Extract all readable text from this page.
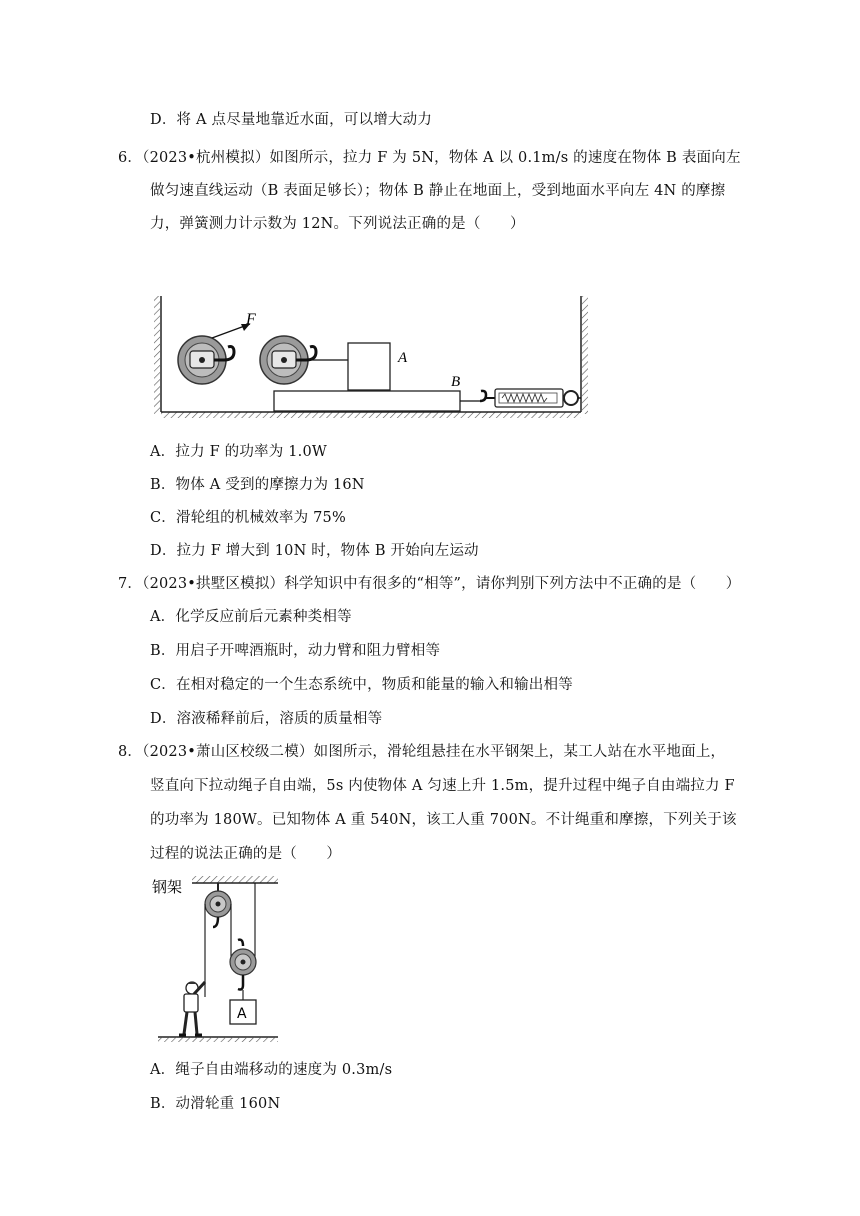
D．将 A 点尽量地靠近水面，可以增大动力
6．（2023•杭州模拟）如图所示，拉力 F 为 5N，物体 A 以 0.1m/s 的速度在物体 B 表面向左
做匀速直线运动（B 表面足够长）；物体 B 静止在地面上，受到地面水平向左 4N 的摩擦
力，弹簧测力计示数为 12N。下列说法正确的是（　　）
F
A
B
A．拉力 F 的功率为 1.0W
B．物体 A 受到的摩擦力为 16N
C．滑轮组的机械效率为 75%
D．拉力 F 增大到 10N 时，物体 B 开始向左运动
7．（2023•拱墅区模拟）科学知识中有很多的“相等”，请你判别下列方法中不正确的是（　　）
A．化学反应前后元素种类相等
B．用启子开啤酒瓶时，动力臂和阻力臂相等
C．在相对稳定的一个生态系统中，物质和能量的输入和输出相等
D．溶液稀释前后，溶质的质量相等
8．（2023•萧山区校级二模）如图所示，滑轮组悬挂在水平钢架上，某工人站在水平地面上，
竖直向下拉动绳子自由端，5s 内使物体 A 匀速上升 1.5m，提升过程中绳子自由端拉力 F
的功率为 180W。已知物体 A 重 540N，该工人重 700N。不计绳重和摩擦，下列关于该
过程的说法正确的是（　　）
钢架
A
A．绳子自由端移动的速度为 0.3m/s
B．动滑轮重 160N
